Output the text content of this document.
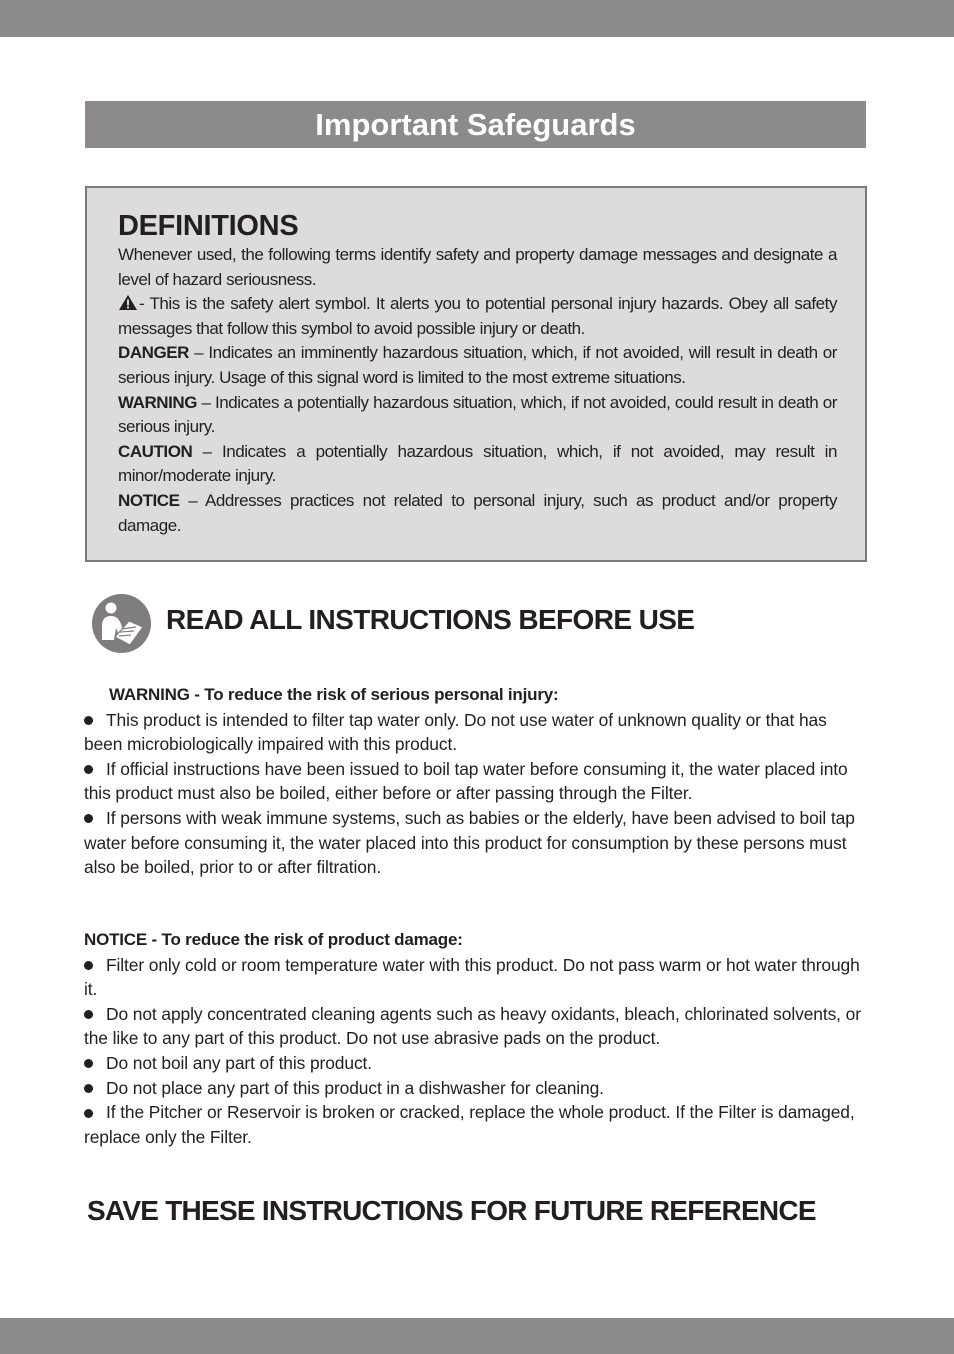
Important Safeguards
DEFINITIONS

Whenever used, the following terms identify safety and property damage messages and designate a level of hazard seriousness.

- This is the safety alert symbol. It alerts you to potential personal injury hazards. Obey all safety messages that follow this symbol to avoid possible injury or death.

DANGER – Indicates an imminently hazardous situation, which, if not avoided, will result in death or serious injury. Usage of this signal word is limited to the most extreme situations.

WARNING – Indicates a potentially hazardous situation, which, if not avoided, could result in death or serious injury.

CAUTION – Indicates a potentially hazardous situation, which, if not avoided, may result in minor/moderate injury.

NOTICE – Addresses practices not related to personal injury, such as product and/or property damage.

READ ALL INSTRUCTIONS BEFORE USE

WARNING - To reduce the risk of serious personal injury:

This product is intended to filter tap water only. Do not use water of unknown quality or that has been microbiologically impaired with this product.

If official instructions have been issued to boil tap water before consuming it, the water placed into this product must also be boiled, either before or after passing through the Filter.

If persons with weak immune systems, such as babies or the elderly, have been advised to boil tap water before consuming it, the water placed into this product for consumption by these persons must also be boiled, prior to or after filtration.

NOTICE - To reduce the risk of product damage:

Filter only cold or room temperature water with this product. Do not pass warm or hot water through it.

Do not apply concentrated cleaning agents such as heavy oxidants, bleach, chlorinated solvents, or the like to any part of this product. Do not use abrasive pads on the product.

Do not boil any part of this product.

Do not place any part of this product in a dishwasher for cleaning.

If the Pitcher or Reservoir is broken or cracked, replace the whole product. If the Filter is damaged, replace only the Filter.

SAVE THESE INSTRUCTIONS FOR FUTURE REFERENCE
